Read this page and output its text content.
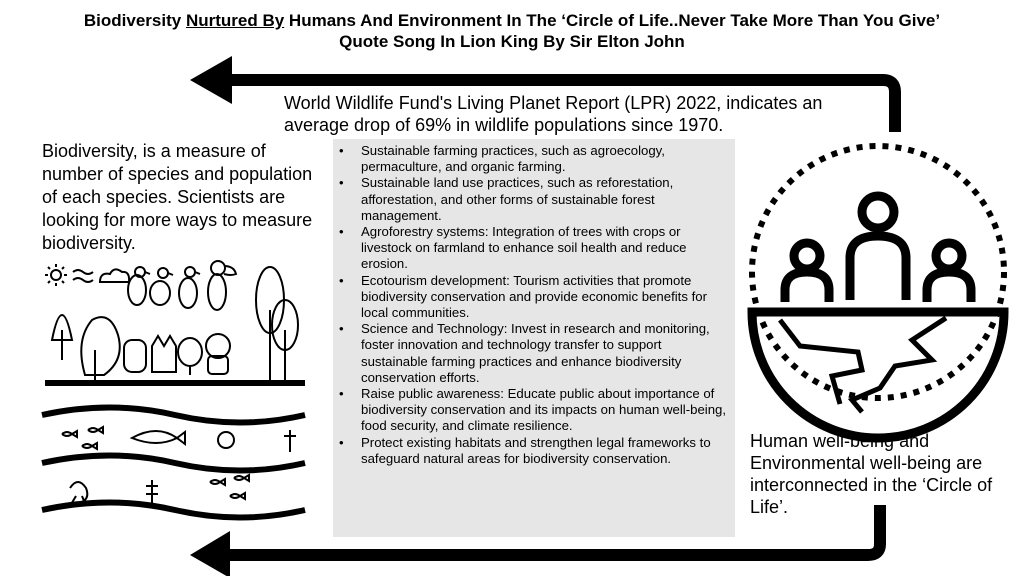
Biodiversity Nurtured By Humans And Environment In The ‘Circle of Life..Never Take More Than You Give’
Quote Song In Lion King By Sir Elton John
World Wildlife Fund's Living Planet Report (LPR) 2022, indicates an average drop of 69% in wildlife populations since 1970.
Biodiversity, is a measure of number of species and population of each species. Scientists are looking for more ways to measure biodiversity.
• Sustainable farming practices, such as agroecology, permaculture, and organic farming.
• Sustainable land use practices, such as reforestation, afforestation, and other forms of sustainable forest management.
• Agroforestry systems: Integration of trees with crops or livestock on farmland to enhance soil health and reduce erosion.
• Ecotourism development: Tourism activities that promote biodiversity conservation and provide economic benefits for local communities.
• Science and Technology: Invest in research and monitoring, foster innovation and technology transfer to support sustainable farming practices and enhance biodiversity conservation efforts.
• Raise public awareness: Educate public about importance of biodiversity conservation and its impacts on human well-being, food security, and climate resilience.
• Protect existing habitats and strengthen legal frameworks to safeguard natural areas for biodiversity conservation.
Human well-being and Environmental well-being are interconnected in the ‘Circle of Life’.
